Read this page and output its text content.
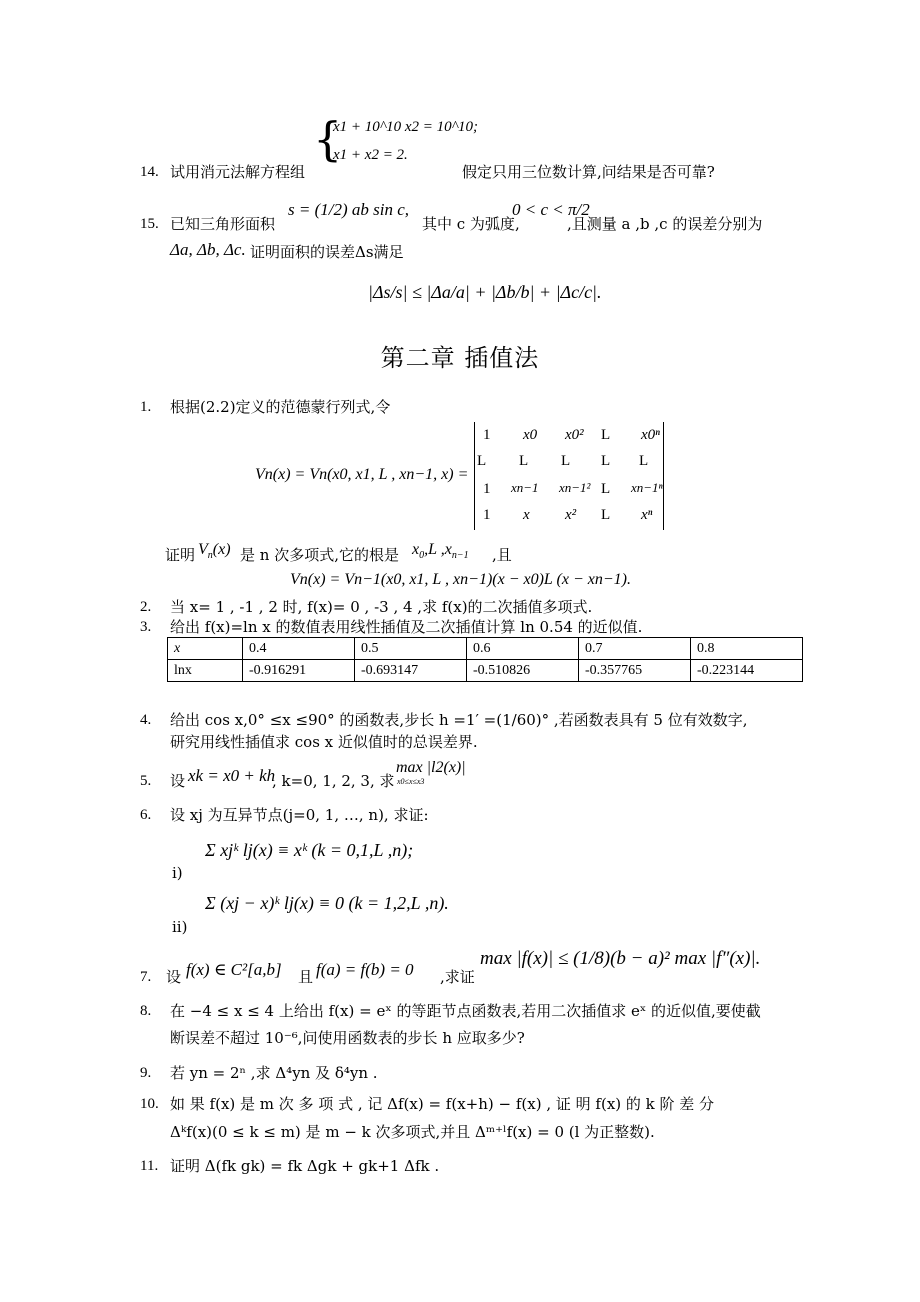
14. 试用消元法解方程组
{
x1 + 10^10 x2 = 10^10;
x1 + x2 = 2.
假定只用三位数计算,问结果是否可靠?
15. 已知三角形面积
s = (1/2) ab sin c,
其中 c 为弧度,
0 < c < π/2
,且测量 a ,b ,c 的误差分别为
Δa, Δb, Δc. 证明面积的误差Δs满足
|Δs/s| ≤ |Δa/a| + |Δb/b| + |Δc/c|.
第二章 插值法
1. 根据(2.2)定义的范德蒙行列式,令
Vn(x) = Vn(x0, x1, L , xn−1, x) =
1 x0 x0² L x0ⁿ
L L L L L
1 xn−1 xn−1² L xn−1ⁿ
1 x x² L xⁿ
证明 $V_n(x)$ 是 n 次多项式,它的根是 $x_0,L$ $,x_{n-1}$ ,且
Vn(x) = Vn−1(x0, x1, L , xn−1)(x − x0)L (x − xn−1).
2. 当 x= 1 , -1 , 2 时, f(x)= 0 , -3 , 4 ,求 f(x)的二次插值多项式.
3. 给出 f(x)=ln x 的数值表用线性插值及二次插值计算 ln 0.54 的近似值.
x	0.4	0.5	0.6	0.7	0.8
lnx	-0.916291	-0.693147	-0.510826	-0.357765	-0.223144
4. 给出 cos x,0° ≤x ≤90° 的函数表,步长 h =1′ =(1/60)° ,若函数表具有 5 位有效数字,
研究用线性插值求 cos x 近似值时的总误差界.
5. 设 xk = x0 + kh
, k=0, 1, 2, 3, 求
max |l2(x)|
x0≤x≤x3
6. 设 xj 为互异节点(j=0, 1, …, n), 求证:
i)
Σ xjᵏ lj(x) ≡ xᵏ (k = 0,1,L ,n);
ii)
Σ (xj − x)ᵏ lj(x) ≡ 0 (k = 1,2,L ,n).
7. 设 f(x) ∈ C²[a,b] 且 f(a) = f(b) = 0 ,求证
max |f(x)| ≤ (1/8)(b − a)² max |f″(x)|.
8. 在 −4 ≤ x ≤ 4 上给出 f(x) = eˣ 的等距节点函数表,若用二次插值求 eˣ 的近似值,要使截
断误差不超过 10⁻⁶,问使用函数表的步长 h 应取多少?
9. 若 yn = 2ⁿ ,求 Δ⁴yn 及 δ⁴yn .
10. 如 果 f(x) 是 m 次 多 项 式 , 记 Δf(x) = f(x+h) − f(x) , 证 明 f(x) 的 k 阶 差 分
Δᵏf(x)(0 ≤ k ≤ m) 是 m − k 次多项式,并且 Δᵐ⁺ˡf(x) = 0 (l 为正整数).
11. 证明 Δ(fk gk) = fk Δgk + gk+1 Δfk .
